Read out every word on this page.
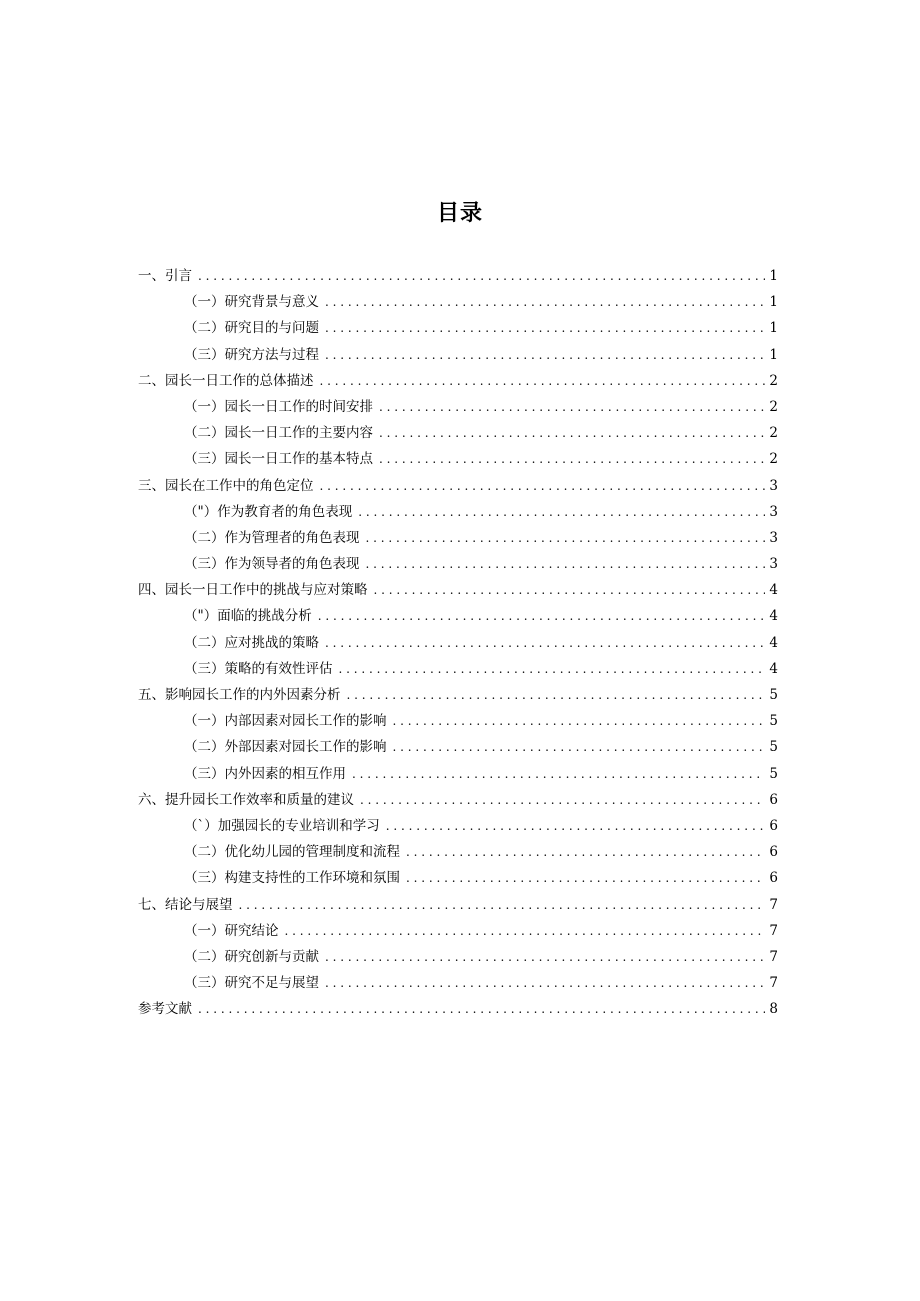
目录
一、引言 . . .	1
（一）研究背景与意义 . . .	1
（二）研究目的与问题 . . .	1
（三）研究方法与过程 . . .	1
二、园长一日工作的总体描述 . . .	2
（一）园长一日工作的时间安排 . . .	2
（二）园长一日工作的主要内容 . . .	2
（三）园长一日工作的基本特点 . . .	2
三、园长在工作中的角色定位 . . .	3
（"）作为教育者的角色表现 . . .	3
（二）作为管理者的角色表现 . . .	3
（三）作为领导者的角色表现 . . .	3
四、园长一日工作中的挑战与应对策略 . . .	4
（"）面临的挑战分析 . . .	4
（二）应对挑战的策略 . . .	4
（三）策略的有效性评估 . . .	4
五、影响园长工作的内外因素分析 . . .	5
（一）内部因素对园长工作的影响 . . .	5
（二）外部因素对园长工作的影响 . . .	5
（三）内外因素的相互作用 . . .	5
六、提升园长工作效率和质量的建议 . . .	6
（`）加强园长的专业培训和学习 . . .	6
（二）优化幼儿园的管理制度和流程 . . .	6
（三）构建支持性的工作环境和氛围 . . .	6
七、结论与展望 . . .	7
（一）研究结论 . . .	7
（二）研究创新与贡献 . . .	7
（三）研究不足与展望 . . .	7
参考文献 . . .	8
